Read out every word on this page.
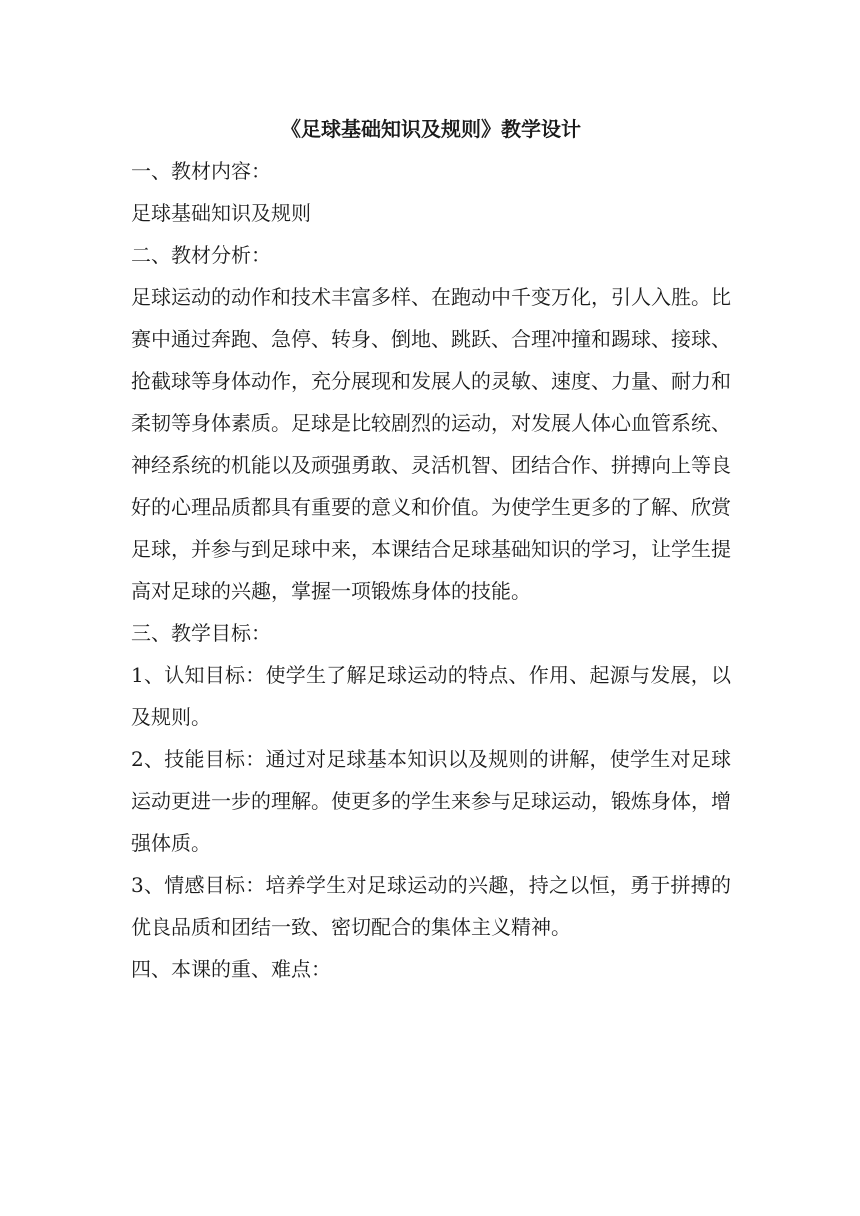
《足球基础知识及规则》教学设计

一、教材内容：

足球基础知识及规则

二、教材分析：

足球运动的动作和技术丰富多样、在跑动中千变万化，引人入胜。比赛中通过奔跑、急停、转身、倒地、跳跃、合理冲撞和踢球、接球、抢截球等身体动作，充分展现和发展人的灵敏、速度、力量、耐力和柔韧等身体素质。足球是比较剧烈的运动，对发展人体心血管系统、神经系统的机能以及顽强勇敢、灵活机智、团结合作、拼搏向上等良好的心理品质都具有重要的意义和价值。为使学生更多的了解、欣赏足球，并参与到足球中来，本课结合足球基础知识的学习，让学生提高对足球的兴趣，掌握一项锻炼身体的技能。

三、教学目标：

1、认知目标：使学生了解足球运动的特点、作用、起源与发展，以及规则。

2、技能目标：通过对足球基本知识以及规则的讲解，使学生对足球运动更进一步的理解。使更多的学生来参与足球运动，锻炼身体，增强体质。

3、情感目标：培养学生对足球运动的兴趣，持之以恒，勇于拼搏的优良品质和团结一致、密切配合的集体主义精神。

四、本课的重、难点：
